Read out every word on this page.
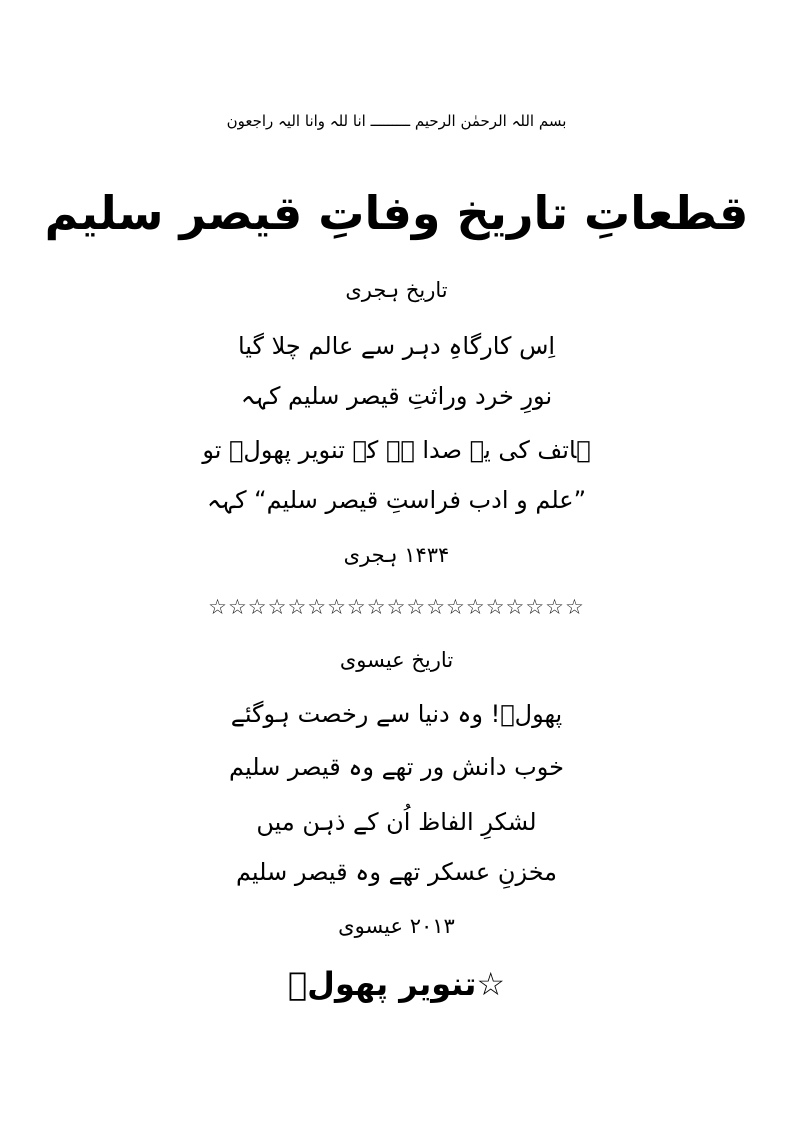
بسم اللہ الرحمٰن الرحیم ـــــــــ انا للہ وانا الیہ راجعون
قطعاتِ تاریخ وفاتِ قیصر سلیم
تاریخ ہجری
اِس کارگاہِ دہر سے عالم چلا گیا
نورِ خرد وراثتِ قیصر سلیم کہہ
ہاتف کی یہ صدا ہے کہ تنویر پھولؔ تو
”علم و ادب فراستِ قیصر سلیم“ کہہ
۱۴۳۴ ہجری
☆☆☆☆☆☆☆☆☆☆☆☆☆☆☆☆☆☆☆
تاریخ عیسوی
پھولؔ! وہ دنیا سے رخصت ہوگئے
خوب دانش ور تھے وہ قیصر سلیم
لشکرِ الفاظ اُن کے ذہن میں
مخزنِ عسکر تھے وہ قیصر سلیم
۲۰۱۳ عیسوی
☆تنویر پھولؔ
